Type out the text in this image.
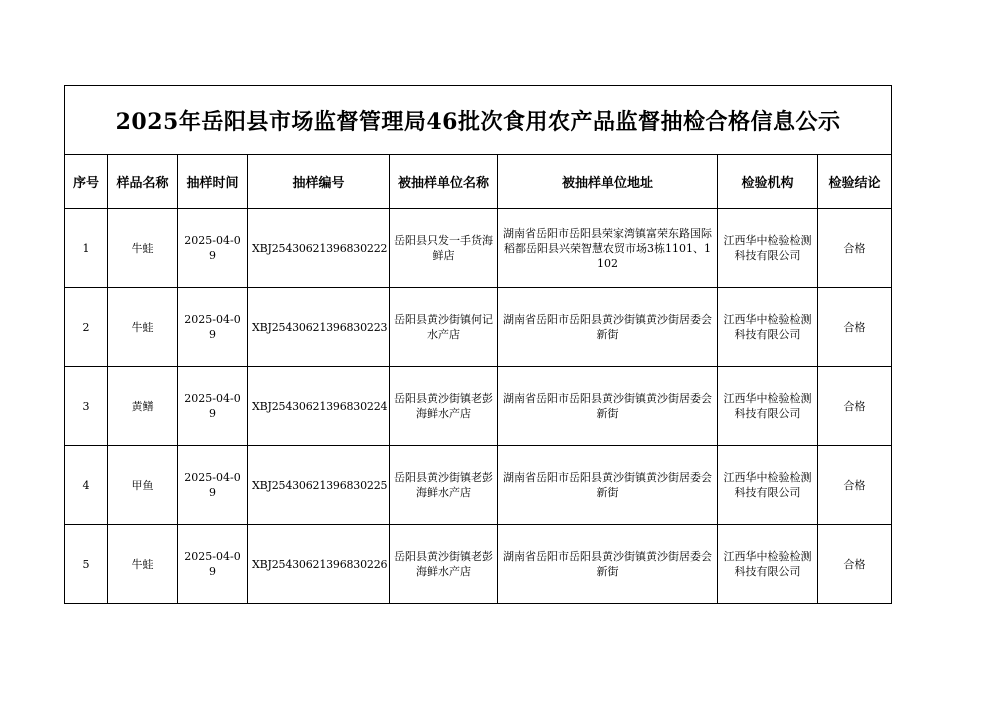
2025年岳阳县市场监督管理局46批次食用农产品监督抽检合格信息公示							
序号	样品名称	抽样时间	抽样编号	被抽样单位名称	被抽样单位地址	检验机构	检验结论
1	牛蛙	2025-04-09	XBJ25430621396830222	岳阳县只发一手货海鲜店	湖南省岳阳市岳阳县荣家湾镇富荣东路国际稻都岳阳县兴荣智慧农贸市场3栋1101、1102	江西华中检验检测科技有限公司	合格
2	牛蛙	2025-04-09	XBJ25430621396830223	岳阳县黄沙街镇何记水产店	湖南省岳阳市岳阳县黄沙街镇黄沙街居委会新街	江西华中检验检测科技有限公司	合格
3	黄鳝	2025-04-09	XBJ25430621396830224	岳阳县黄沙街镇老彭海鲜水产店	湖南省岳阳市岳阳县黄沙街镇黄沙街居委会新街	江西华中检验检测科技有限公司	合格
4	甲鱼	2025-04-09	XBJ25430621396830225	岳阳县黄沙街镇老彭海鲜水产店	湖南省岳阳市岳阳县黄沙街镇黄沙街居委会新街	江西华中检验检测科技有限公司	合格
5	牛蛙	2025-04-09	XBJ25430621396830226	岳阳县黄沙街镇老彭海鲜水产店	湖南省岳阳市岳阳县黄沙街镇黄沙街居委会新街	江西华中检验检测科技有限公司	合格
